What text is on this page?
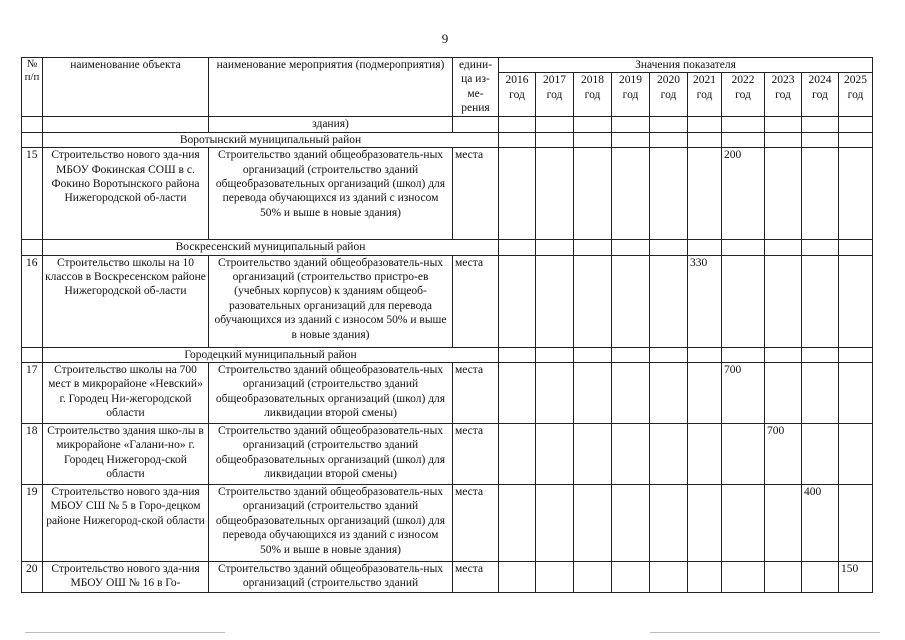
9
№ п/п	наименование объекта	наименование мероприятия (подмероприятия)	едини-ца из-ме-рения	Значения показателя									
				2016 год	2017 год	2018 год	2019 год	2020 год	2021 год	2022 год	2023 год	2024 год	2025 год
		здания)											
	Воротынский муниципальный район												
15	Строительство нового зда-ния МБОУ Фокинская СОШ в с. Фокино Воротынского района Нижегородской об-ласти	Строительство зданий общеобразователь-ных организаций (строительство зданий общеобразовательных организаций (школ) для перевода обучающихся из зданий с износом 50% и выше в новые здания)	места							200			
	Воскресенский муниципальный район												
16	Строительство школы на 10 классов в Воскресенском районе Нижегородской об-ласти	Строительство зданий общеобразователь-ных организаций (строительство пристро-ев (учебных корпусов) к зданиям общеоб-разовательных организаций для перевода обучающихся из зданий с износом 50% и выше в новые здания)	места						330				
	Городецкий муниципальный район												
17	Строительство школы на 700 мест в микрорайоне «Невский» г. Городец Ни-жегородской области	Строительство зданий общеобразователь-ных организаций (строительство зданий общеобразовательных организаций (школ) для ликвидации второй смены)	места							700			
18	Строительство здания шко-лы в микрорайоне «Галани-но» г. Городец Нижегород-ской области	Строительство зданий общеобразователь-ных организаций (строительство зданий общеобразовательных организаций (школ) для ликвидации второй смены)	места								700		
19	Строительство нового зда-ния МБОУ СШ № 5 в Горо-децком районе Нижегород-ской области	Строительство зданий общеобразователь-ных организаций (строительство зданий общеобразовательных организаций (школ) для перевода обучающихся из зданий с износом 50% и выше в новые здания)	места									400	
20	Строительство нового зда-ния МБОУ ОШ № 16 в Го-	Строительство зданий общеобразователь-ных организаций (строительство зданий	места										150
